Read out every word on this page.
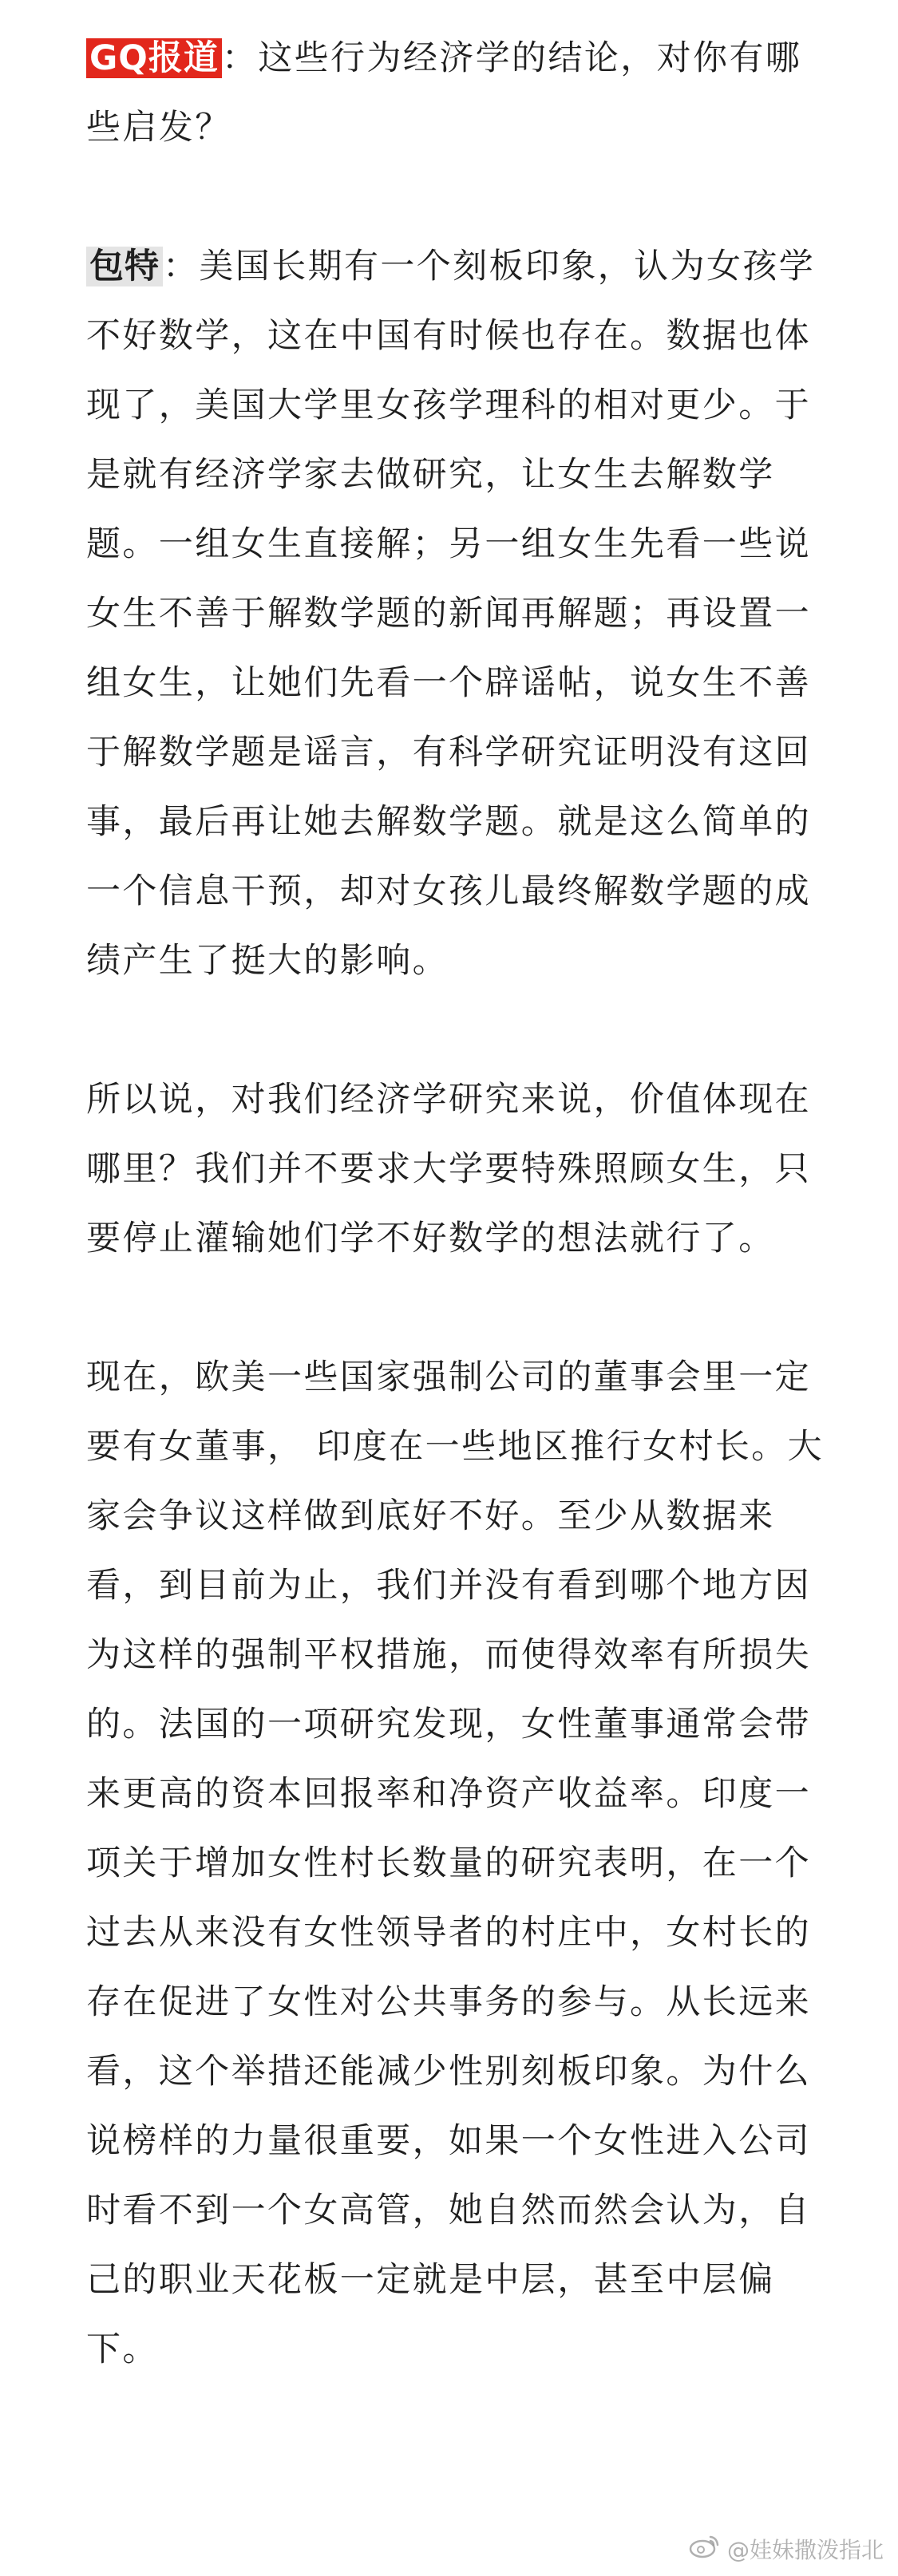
GQ报道：这些行为经济学的结论，对你有哪些启发？

包特：美国长期有一个刻板印象，认为女孩学不好数学，这在中国有时候也存在。数据也体现了，美国大学里女孩学理科的相对更少。于是就有经济学家去做研究，让女生去解数学题。一组女生直接解；另一组女生先看一些说女生不善于解数学题的新闻再解题；再设置一组女生，让她们先看一个辟谣帖，说女生不善于解数学题是谣言，有科学研究证明没有这回事，最后再让她去解数学题。就是这么简单的一个信息干预，却对女孩儿最终解数学题的成绩产生了挺大的影响。

所以说，对我们经济学研究来说，价值体现在哪里？我们并不要求大学要特殊照顾女生，只要停止灌输她们学不好数学的想法就行了。

现在，欧美一些国家强制公司的董事会里一定要有女董事， 印度在一些地区推行女村长。大家会争议这样做到底好不好。至少从数据来看，到目前为止，我们并没有看到哪个地方因为这样的强制平权措施，而使得效率有所损失的。法国的一项研究发现，女性董事通常会带来更高的资本回报率和净资产收益率。印度一项关于增加女性村长数量的研究表明，在一个过去从来没有女性领导者的村庄中，女村长的存在促进了女性对公共事务的参与。从长远来看，这个举措还能减少性别刻板印象。为什么说榜样的力量很重要，如果一个女性进入公司时看不到一个女高管，她自然而然会认为，自己的职业天花板一定就是中层，甚至中层偏下。

@娃妹撒泼指北
